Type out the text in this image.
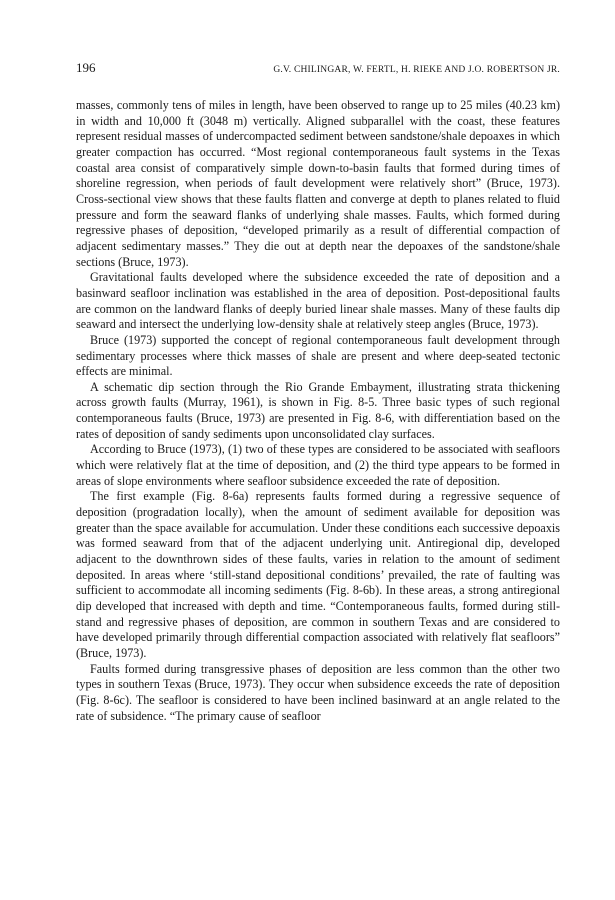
196	G.V. CHILINGAR, W. FERTL, H. RIEKE AND J.O. ROBERTSON JR.

masses, commonly tens of miles in length, have been observed to range up to 25 miles (40.23 km) in width and 10,000 ft (3048 m) vertically. Aligned subparallel with the coast, these features represent residual masses of undercompacted sediment between sandstone/shale depoaxes in which greater compaction has occurred. “Most regional contemporaneous fault systems in the Texas coastal area consist of comparatively simple down-to-basin faults that formed during times of shoreline regression, when periods of fault development were relatively short” (Bruce, 1973). Cross-sectional view shows that these faults flatten and converge at depth to planes related to fluid pressure and form the seaward flanks of underlying shale masses. Faults, which formed during regressive phases of deposition, “developed primarily as a result of differential compaction of adjacent sedimentary masses.” They die out at depth near the depoaxes of the sandstone/shale sections (Bruce, 1973).

Gravitational faults developed where the subsidence exceeded the rate of deposition and a basinward seafloor inclination was established in the area of deposition. Post-depositional faults are common on the landward flanks of deeply buried linear shale masses. Many of these faults dip seaward and intersect the underlying low-density shale at relatively steep angles (Bruce, 1973).

Bruce (1973) supported the concept of regional contemporaneous fault development through sedimentary processes where thick masses of shale are present and where deep-seated tectonic effects are minimal.

A schematic dip section through the Rio Grande Embayment, illustrating strata thickening across growth faults (Murray, 1961), is shown in Fig. 8-5. Three basic types of such regional contemporaneous faults (Bruce, 1973) are presented in Fig. 8-6, with differentiation based on the rates of deposition of sandy sediments upon unconsolidated clay surfaces.

According to Bruce (1973), (1) two of these types are considered to be associated with seafloors which were relatively flat at the time of deposition, and (2) the third type appears to be formed in areas of slope environments where seafloor subsidence exceeded the rate of deposition.

The first example (Fig. 8-6a) represents faults formed during a regressive sequence of deposition (progradation locally), when the amount of sediment available for deposition was greater than the space available for accumulation. Under these conditions each successive depoaxis was formed seaward from that of the adjacent underlying unit. Antiregional dip, developed adjacent to the downthrown sides of these faults, varies in relation to the amount of sediment deposited. In areas where ‘still-stand depositional conditions’ prevailed, the rate of faulting was sufficient to accommodate all incoming sediments (Fig. 8-6b). In these areas, a strong antiregional dip developed that increased with depth and time. “Contemporaneous faults, formed during still-stand and regressive phases of deposition, are common in southern Texas and are considered to have developed primarily through differential compaction associated with relatively flat seafloors” (Bruce, 1973).

Faults formed during transgressive phases of deposition are less common than the other two types in southern Texas (Bruce, 1973). They occur when subsidence exceeds the rate of deposition (Fig. 8-6c). The seafloor is considered to have been inclined basinward at an angle related to the rate of subsidence. “The primary cause of seafloor
